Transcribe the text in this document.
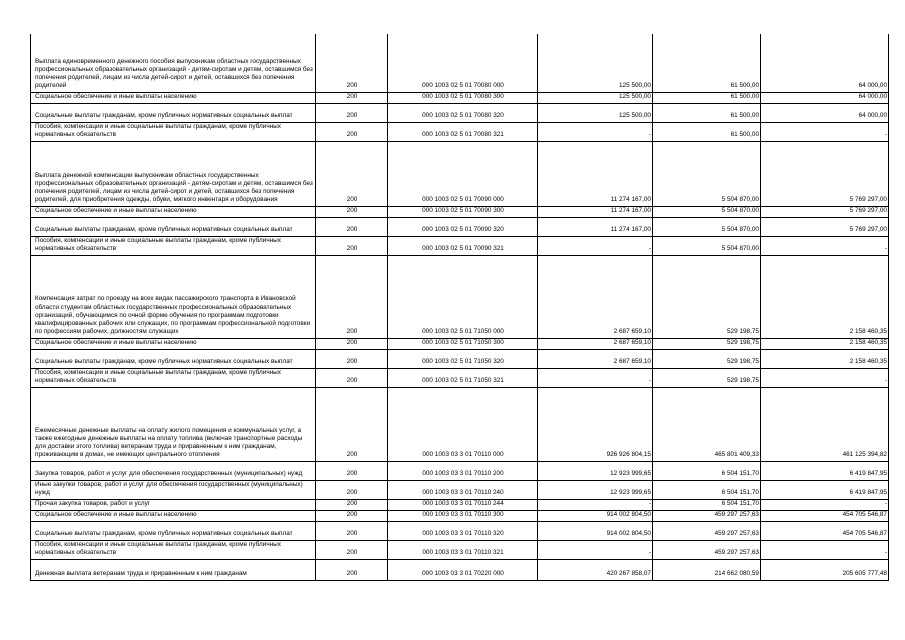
Выплата единовременного денежного пособия выпускникам областных государственных профессиональных образовательных организаций - детям-сиротам и детям, оставшимся без попечения родителей, лицам из числа детей-сирот и детей, оставшихся без попечения родителей	200	000 1003 02 5 01 70080 000	125 500,00	61 500,00	64 000,00
Социальное обеспечение и иные выплаты населению	200	000 1003 02 5 01 70080 300	125 500,00	61 500,00	64 000,00
Социальные выплаты гражданам, кроме публичных нормативных социальных выплат	200	000 1003 02 5 01 70080 320	125 500,00	61 500,00	64 000,00
Пособия, компенсации и иные социальные выплаты гражданам, кроме публичных нормативных обязательств	200	000 1003 02 5 01 70080 321	-	61 500,00	-
Выплата денежной компенсации выпускникам областных государственных профессиональных образовательных организаций - детям-сиротам и детям, оставшимся без попечения родителей, лицам из числа детей-сирот и детей, оставшихся без попечения родителей, для приобретения одежды, обуви, мягкого инвентаря и оборудования	200	000 1003 02 5 01 70090 000	11 274 167,00	5 504 870,00	5 769 297,00
Социальное обеспечение и иные выплаты населению	200	000 1003 02 5 01 70090 300	11 274 167,00	5 504 870,00	5 769 297,00
Социальные выплаты гражданам, кроме публичных нормативных социальных выплат	200	000 1003 02 5 01 70090 320	11 274 167,00	5 504 870,00	5 769 297,00
Пособия, компенсации и иные социальные выплаты гражданам, кроме публичных нормативных обязательств	200	000 1003 02 5 01 70090 321	-	5 504 870,00	-
Компенсация затрат по проезду на всех видах пассажирского транспорта в Ивановской области студентам областных государственных профессиональных образовательных организаций, обучающимся по очной форме обучения по программам подготовки квалифицированных рабочих или служащих, по программам профессиональной подготовки по профессиям рабочих, должностям служащих	200	000 1003 02 5 01 71050 000	2 687 659,10	529 198,75	2 158 460,35
Социальное обеспечение и иные выплаты населению	200	000 1003 02 5 01 71050 300	2 687 659,10	529 198,75	2 158 460,35
Социальные выплаты гражданам, кроме публичных нормативных социальных выплат	200	000 1003 02 5 01 71050 320	2 687 659,10	529 198,75	2 158 460,35
Пособия, компенсации и иные социальные выплаты гражданам, кроме публичных нормативных обязательств	200	000 1003 02 5 01 71050 321	-	529 198,75	-
Ежемесячные денежные выплаты на оплату жилого помещения и коммунальных услуг, а также ежегодные денежные выплаты на оплату топлива (включая транспортные расходы для доставки этого топлива) ветеранам труда и приравненным к ним гражданам, проживающим в домах, не имеющих центрального отопления	200	000 1003 03 3 01 70110 000	926 926 804,15	465 801 409,33	461 125 394,82
Закупка товаров, работ и услуг для обеспечения государственных (муниципальных) нужд	200	000 1003 03 3 01 70110 200	12 923 999,65	6 504 151,70	6 419 847,95
Иные закупки товаров, работ и услуг для обеспечения государственных (муниципальных) нужд	200	000 1003 03 3 01 70110 240	12 923 999,65	6 504 151,70	6 419 847,95
Прочая закупка товаров, работ и услуг	200	000 1003 03 3 01 70110 244	-	6 504 151,70	-
Социальное обеспечение и иные выплаты населению	200	000 1003 03 3 01 70110 300	914 002 804,50	459 297 257,63	454 705 546,87
Социальные выплаты гражданам, кроме публичных нормативных социальных выплат	200	000 1003 03 3 01 70110 320	914 002 804,50	459 297 257,63	454 705 546,87
Пособия, компенсации и иные социальные выплаты гражданам, кроме публичных нормативных обязательств	200	000 1003 03 3 01 70110 321	-	459 297 257,63	-
Денежная выплата ветеранам труда и приравненным к ним гражданам	200	000 1003 03 3 01 70220 000	420 267 858,07	214 662 080,59	205 605 777,48
